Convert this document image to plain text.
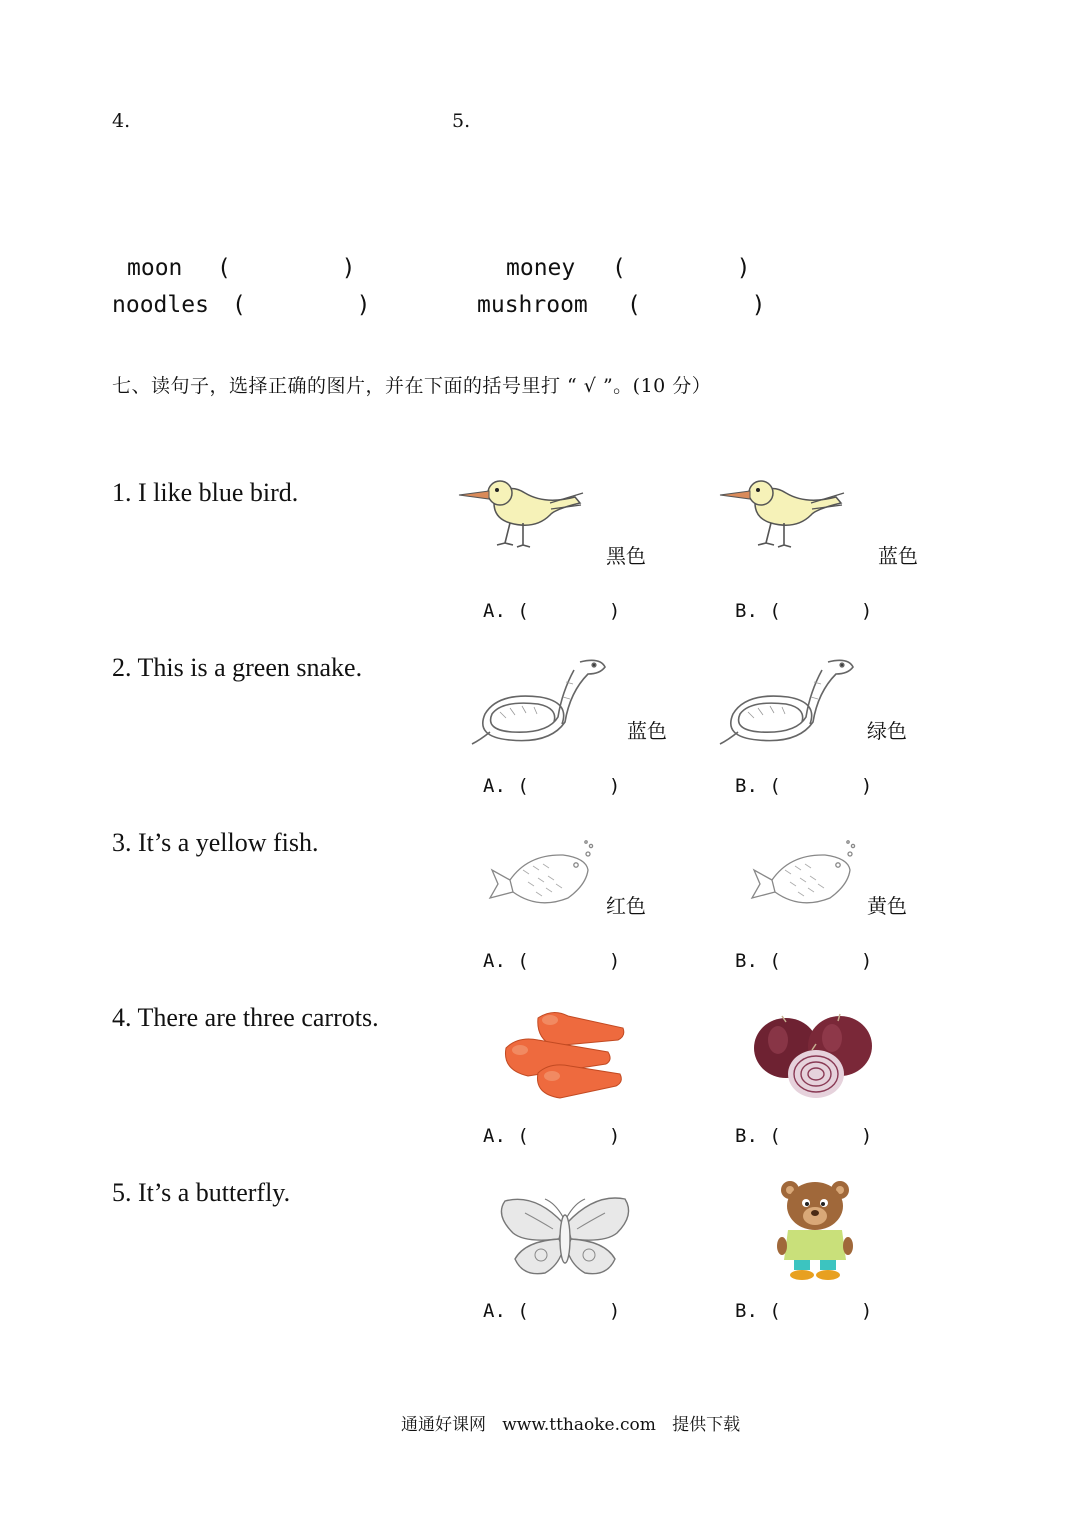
4.	5.
moon (        )	money (        )
noodles (        )	mushroom (        )
七、读句子，选择正确的图片，并在下面的括号里打 “ √ ”。(10 分）
1. I like blue bird.
2. This is a green snake.
3. It’s a yellow fish.
4. There are three carrots.
5. It’s a butterfly.
黑色	蓝色
A. (       )	B. (       )
蓝色	绿色
A. (       )	B. (       )
红色	黄色
A. (       )	B. (       )
A. (       )	B. (       )
A. (       )	B. (       )
通通好课网   www.tthaoke.com   提供下载
